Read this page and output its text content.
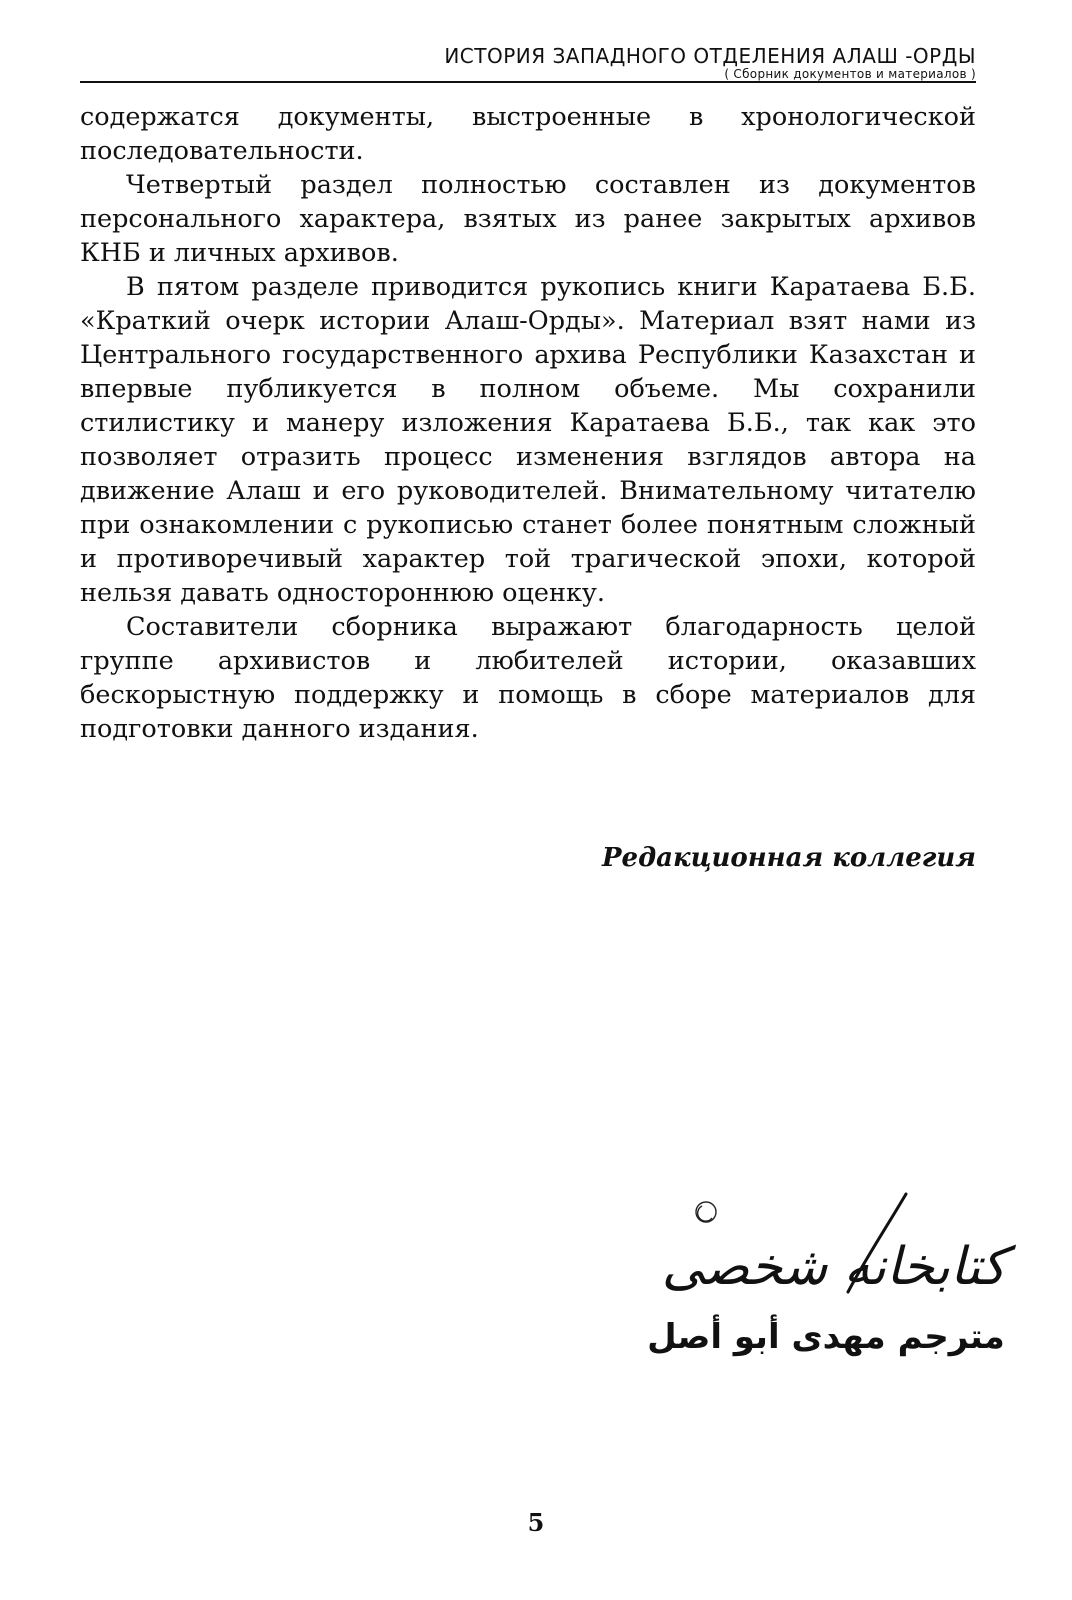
ИСТОРИЯ ЗАПАДНОГО ОТДЕЛЕНИЯ АЛАШ -ОРДЫ
( Сборник документов и материалов )

содержатся документы, выстроенные в хронологической последовательности.

Четвертый раздел полностью составлен из документов персонального характера, взятых из ранее закрытых архивов КНБ и личных архивов.

В пятом разделе приводится рукопись книги Каратаева Б.Б. «Краткий очерк истории Алаш-Орды». Материал взят нами из Центрального государственного архива Республики Казахстан и впервые публикуется в полном объеме. Мы сохранили стилистику и манеру изложения Каратаева Б.Б., так как это позволяет отразить процесс изменения взглядов автора на движение Алаш и его руководителей. Внимательному читателю при ознакомлении с рукописью станет более понятным сложный и противоречивый характер той трагической эпохи, которой нельзя давать одностороннюю оценку.

Составители сборника выражают благодарность целой группе архивистов и любителей истории, оказавших бескорыстную поддержку и помощь в сборе материалов для подготовки данного издания.

Редакционная коллегия
کتابخانه شخصی
مترجم مهدی أبو أصل
5
